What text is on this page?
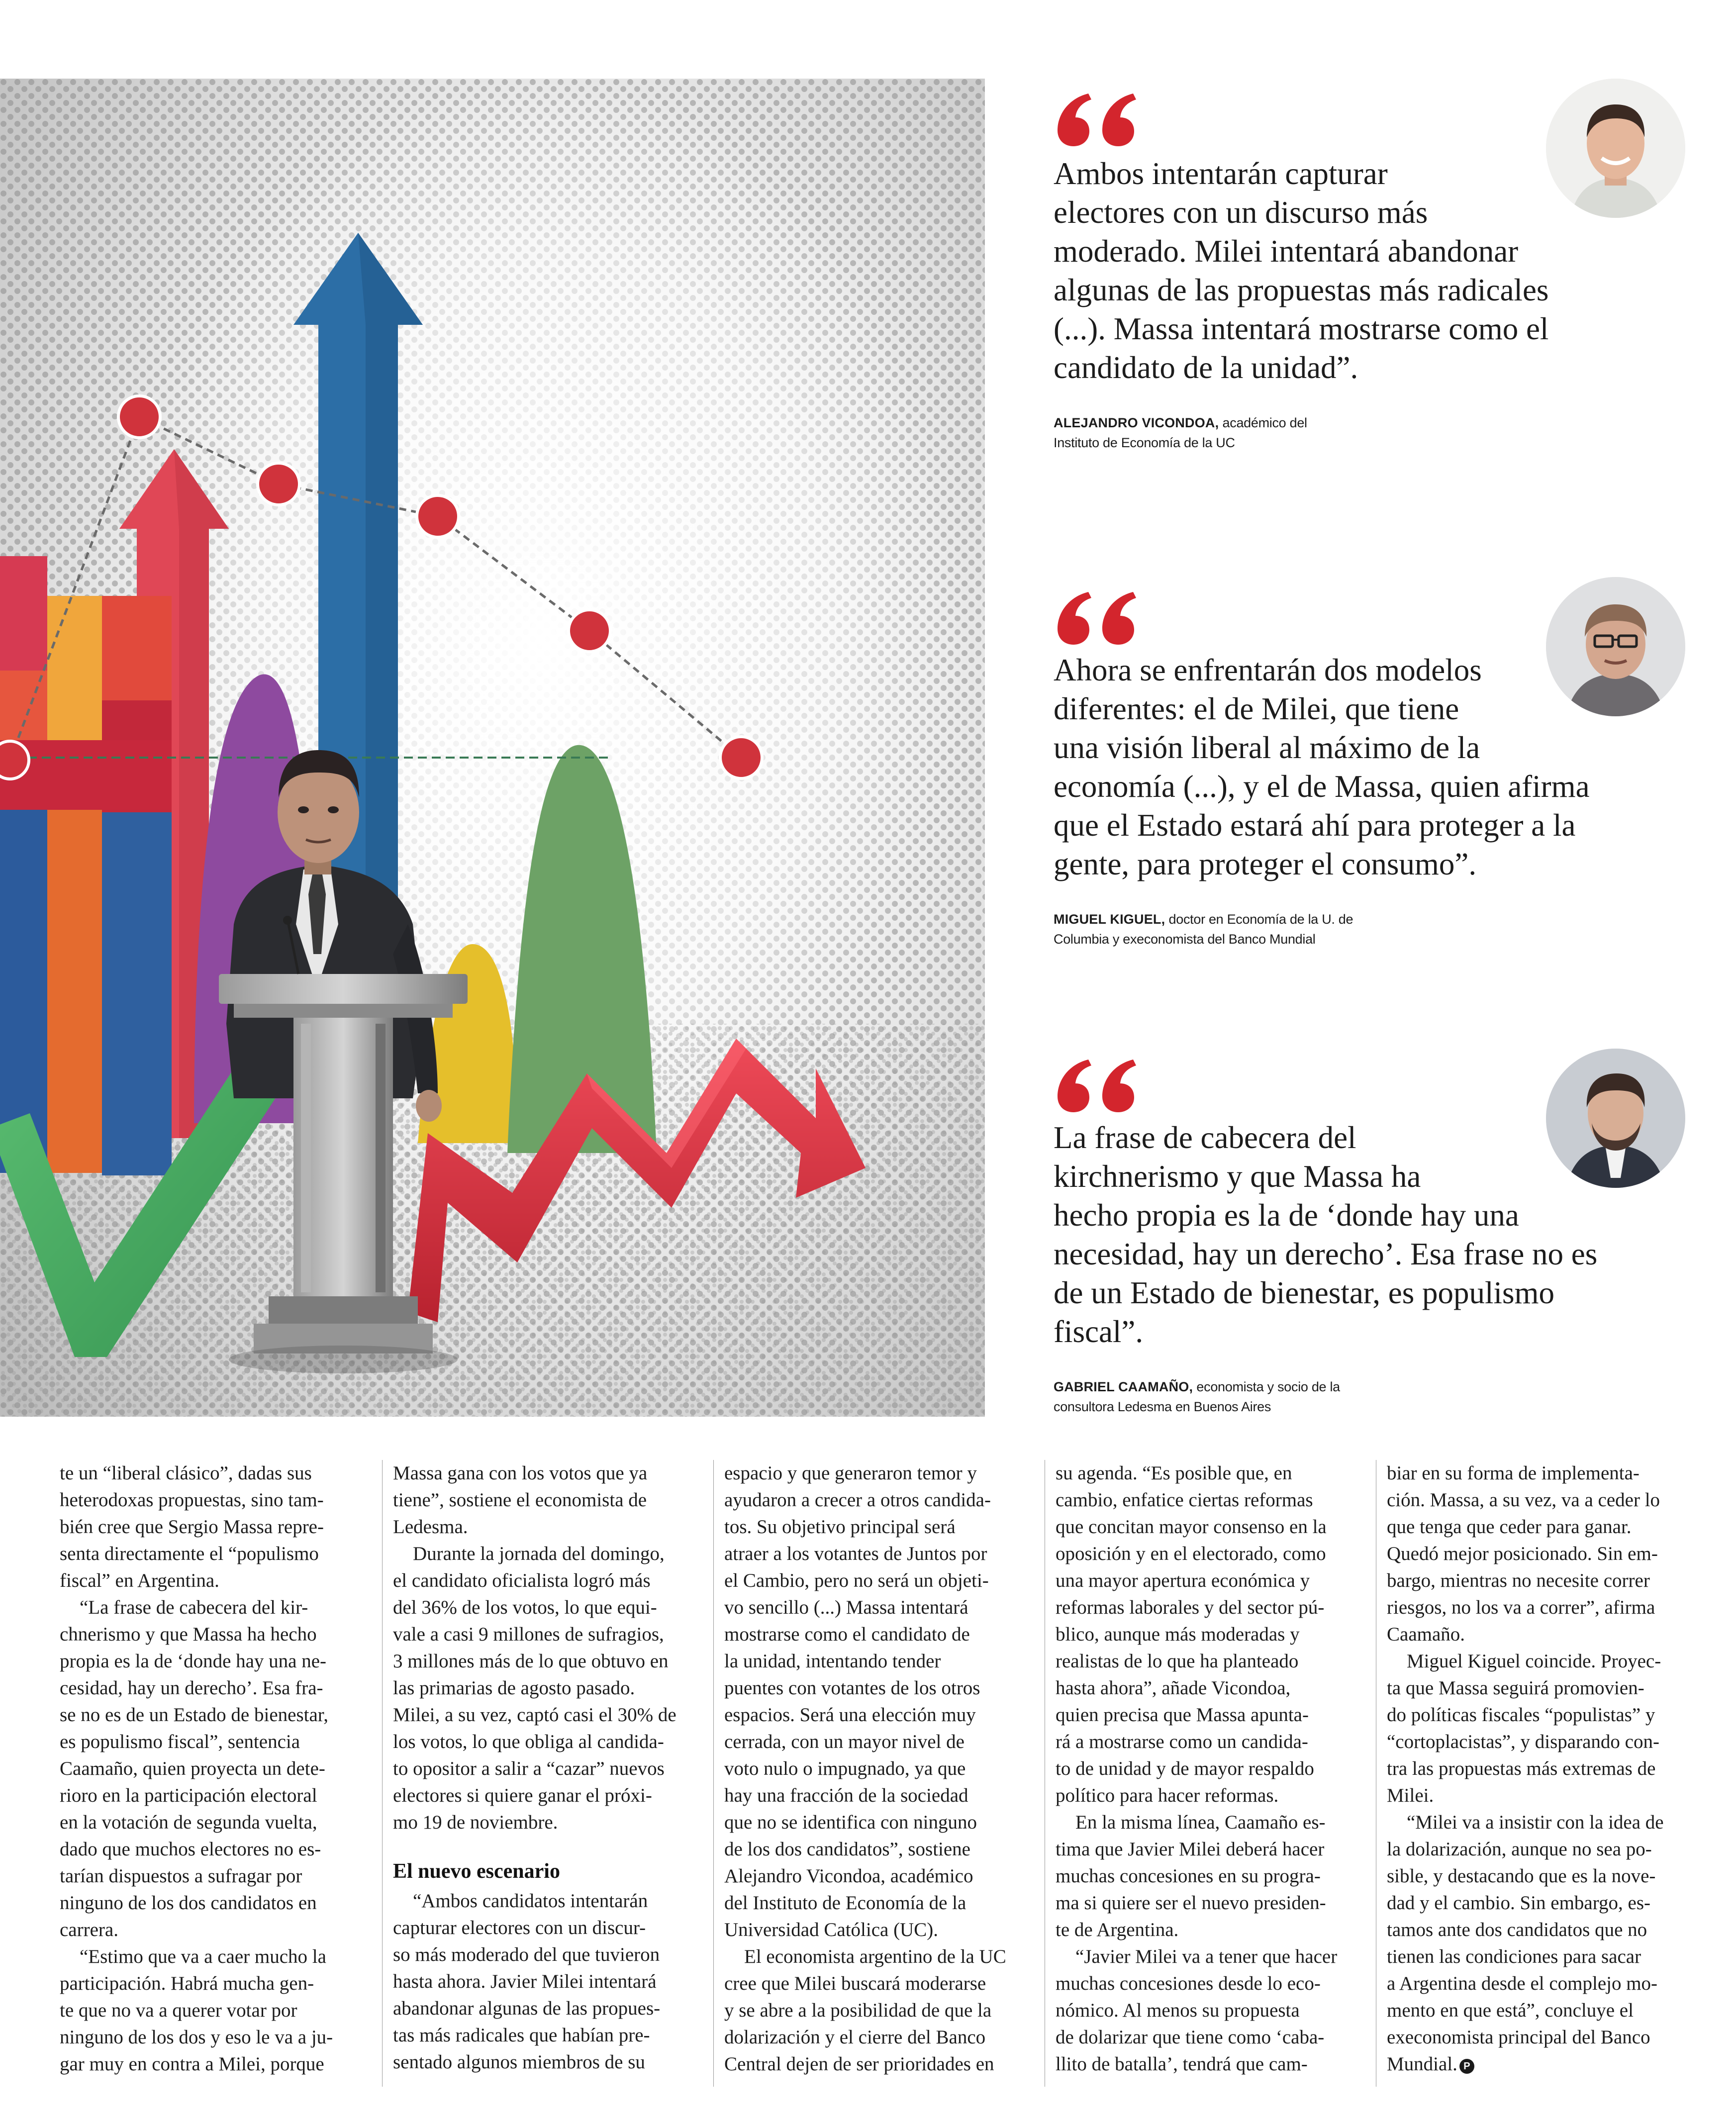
Ambos intentarán capturar
electores con un discurso más
moderado. Milei intentará abandonar
algunas de las propuestas más radicales
(...). Massa intentará mostrarse como el
candidato de la unidad”.

ALEJANDRO VICONDOA, académico del
Instituto de Economía de la UC

Ahora se enfrentarán dos modelos
diferentes: el de Milei, que tiene
una visión liberal al máximo de la
economía (...), y el de Massa, quien afirma
que el Estado estará ahí para proteger a la
gente, para proteger el consumo”.

MIGUEL KIGUEL, doctor en Economía de la U. de
Columbia y execonomista del Banco Mundial

La frase de cabecera del
kirchnerismo y que Massa ha
hecho propia es la de ‘donde hay una
necesidad, hay un derecho’. Esa frase no es
de un Estado de bienestar, es populismo
fiscal”.

GABRIEL CAAMAÑO, economista y socio de la
consultora Ledesma en Buenos Aires

te un “liberal clásico”, dadas sus
heterodoxas propuestas, sino tam-
bién cree que Sergio Massa repre-
senta directamente el “populismo
fiscal” en Argentina.

“La frase de cabecera del kir-
chnerismo y que Massa ha hecho
propia es la de ‘donde hay una ne-
cesidad, hay un derecho’. Esa fra-
se no es de un Estado de bienestar,
es populismo fiscal”, sentencia
Caamaño, quien proyecta un dete-
rioro en la participación electoral
en la votación de segunda vuelta,
dado que muchos electores no es-
tarían dispuestos a sufragar por
ninguno de los dos candidatos en
carrera.

“Estimo que va a caer mucho la
participación. Habrá mucha gen-
te que no va a querer votar por
ninguno de los dos y eso le va a ju-
gar muy en contra a Milei, porque

Massa gana con los votos que ya
tiene”, sostiene el economista de
Ledesma.

Durante la jornada del domingo,
el candidato oficialista logró más
del 36% de los votos, lo que equi-
vale a casi 9 millones de sufragios,
3 millones más de lo que obtuvo en
las primarias de agosto pasado.
Milei, a su vez, captó casi el 30% de
los votos, lo que obliga al candida-
to opositor a salir a “cazar” nuevos
electores si quiere ganar el próxi-
mo 19 de noviembre.

El nuevo escenario

“Ambos candidatos intentarán
capturar electores con un discur-
so más moderado del que tuvieron
hasta ahora. Javier Milei intentará
abandonar algunas de las propues-
tas más radicales que habían pre-
sentado algunos miembros de su

espacio y que generaron temor y
ayudaron a crecer a otros candida-
tos. Su objetivo principal será
atraer a los votantes de Juntos por
el Cambio, pero no será un objeti-
vo sencillo (...) Massa intentará
mostrarse como el candidato de
la unidad, intentando tender
puentes con votantes de los otros
espacios. Será una elección muy
cerrada, con un mayor nivel de
voto nulo o impugnado, ya que
hay una fracción de la sociedad
que no se identifica con ninguno
de los dos candidatos”, sostiene
Alejandro Vicondoa, académico
del Instituto de Economía de la
Universidad Católica (UC).

El economista argentino de la UC
cree que Milei buscará moderarse
y se abre a la posibilidad de que la
dolarización y el cierre del Banco
Central dejen de ser prioridades en

su agenda. “Es posible que, en
cambio, enfatice ciertas reformas
que concitan mayor consenso en la
oposición y en el electorado, como
una mayor apertura económica y
reformas laborales y del sector pú-
blico, aunque más moderadas y
realistas de lo que ha planteado
hasta ahora”, añade Vicondoa,
quien precisa que Massa apunta-
rá a mostrarse como un candida-
to de unidad y de mayor respaldo
político para hacer reformas.

En la misma línea, Caamaño es-
tima que Javier Milei deberá hacer
muchas concesiones en su progra-
ma si quiere ser el nuevo presiden-
te de Argentina.

“Javier Milei va a tener que hacer
muchas concesiones desde lo eco-
nómico. Al menos su propuesta
de dolarizar que tiene como ‘caba-
llito de batalla’, tendrá que cam-

biar en su forma de implementa-
ción. Massa, a su vez, va a ceder lo
que tenga que ceder para ganar.
Quedó mejor posicionado. Sin em-
bargo, mientras no necesite correr
riesgos, no los va a correr”, afirma
Caamaño.

Miguel Kiguel coincide. Proyec-
ta que Massa seguirá promovien-
do políticas fiscales “populistas” y
“cortoplacistas”, y disparando con-
tra las propuestas más extremas de
Milei.

“Milei va a insistir con la idea de
la dolarización, aunque no sea po-
sible, y destacando que es la nove-
dad y el cambio. Sin embargo, es-
tamos ante dos candidatos que no
tienen las condiciones para sacar
a Argentina desde el complejo mo-
mento en que está”, concluye el
execonomista principal del Banco
Mundial. P
